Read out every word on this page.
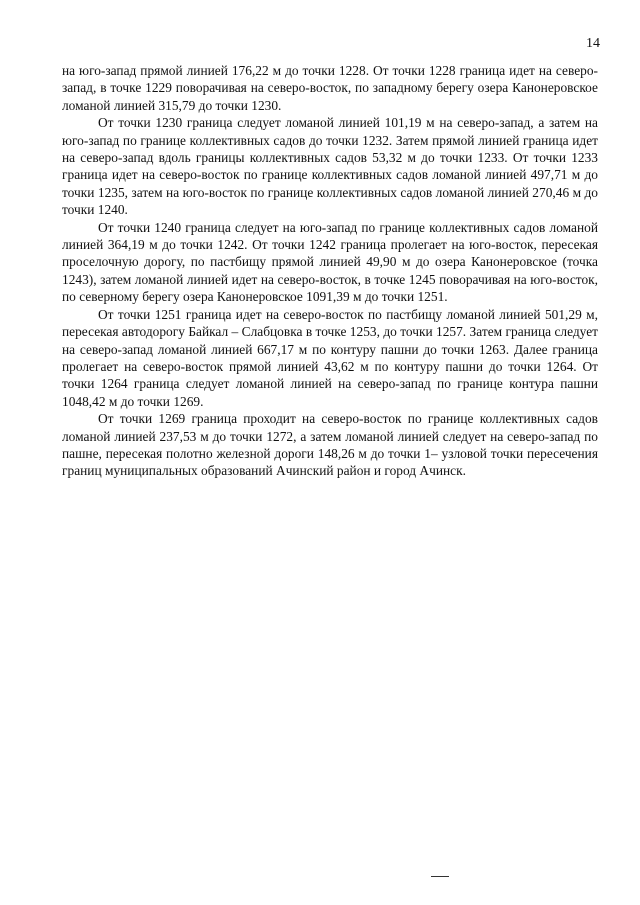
14

на юго-запад прямой линией 176,22 м до точки 1228. От точки 1228 граница идет на северо-запад, в точке 1229 поворачивая на северо-восток, по западному берегу озера Канонеровское ломаной линией 315,79 до точки 1230.

От точки 1230 граница следует ломаной линией 101,19 м на северо-запад, а затем на юго-запад по границе коллективных садов до точки 1232. Затем прямой линией граница идет на северо-запад вдоль границы коллективных садов 53,32 м до точки 1233. От точки 1233 граница идет на северо-восток по границе коллективных садов ломаной линией 497,71 м до точки 1235, затем на юго-восток по границе коллективных садов ломаной линией 270,46 м до точки 1240.

От точки 1240 граница следует на юго-запад по границе коллективных садов ломаной линией 364,19 м до точки 1242. От точки 1242 граница пролегает на юго-восток, пересекая проселочную дорогу, по пастбищу прямой линией 49,90 м до озера Канонеровское (точка 1243), затем ломаной линией идет на северо-восток, в точке 1245 поворачивая на юго-восток, по северному берегу озера Канонеровское 1091,39 м до точки 1251.

От точки 1251 граница идет на северо-восток по пастбищу ломаной линией 501,29 м, пересекая автодорогу Байкал – Слабцовка в точке 1253, до точки 1257. Затем граница следует на северо-запад ломаной линией 667,17 м по контуру пашни до точки 1263. Далее граница пролегает на северо-восток прямой линией 43,62 м по контуру пашни до точки 1264. От точки 1264 граница следует ломаной линией на северо-запад по границе контура пашни 1048,42 м до точки 1269.

От точки 1269 граница проходит на северо-восток по границе коллективных садов ломаной линией 237,53 м до точки 1272, а затем ломаной линией следует на северо-запад по пашне, пересекая полотно железной дороги 148,26 м до точки 1– узловой точки пересечения границ муниципальных образований Ачинский район и город Ачинск.
